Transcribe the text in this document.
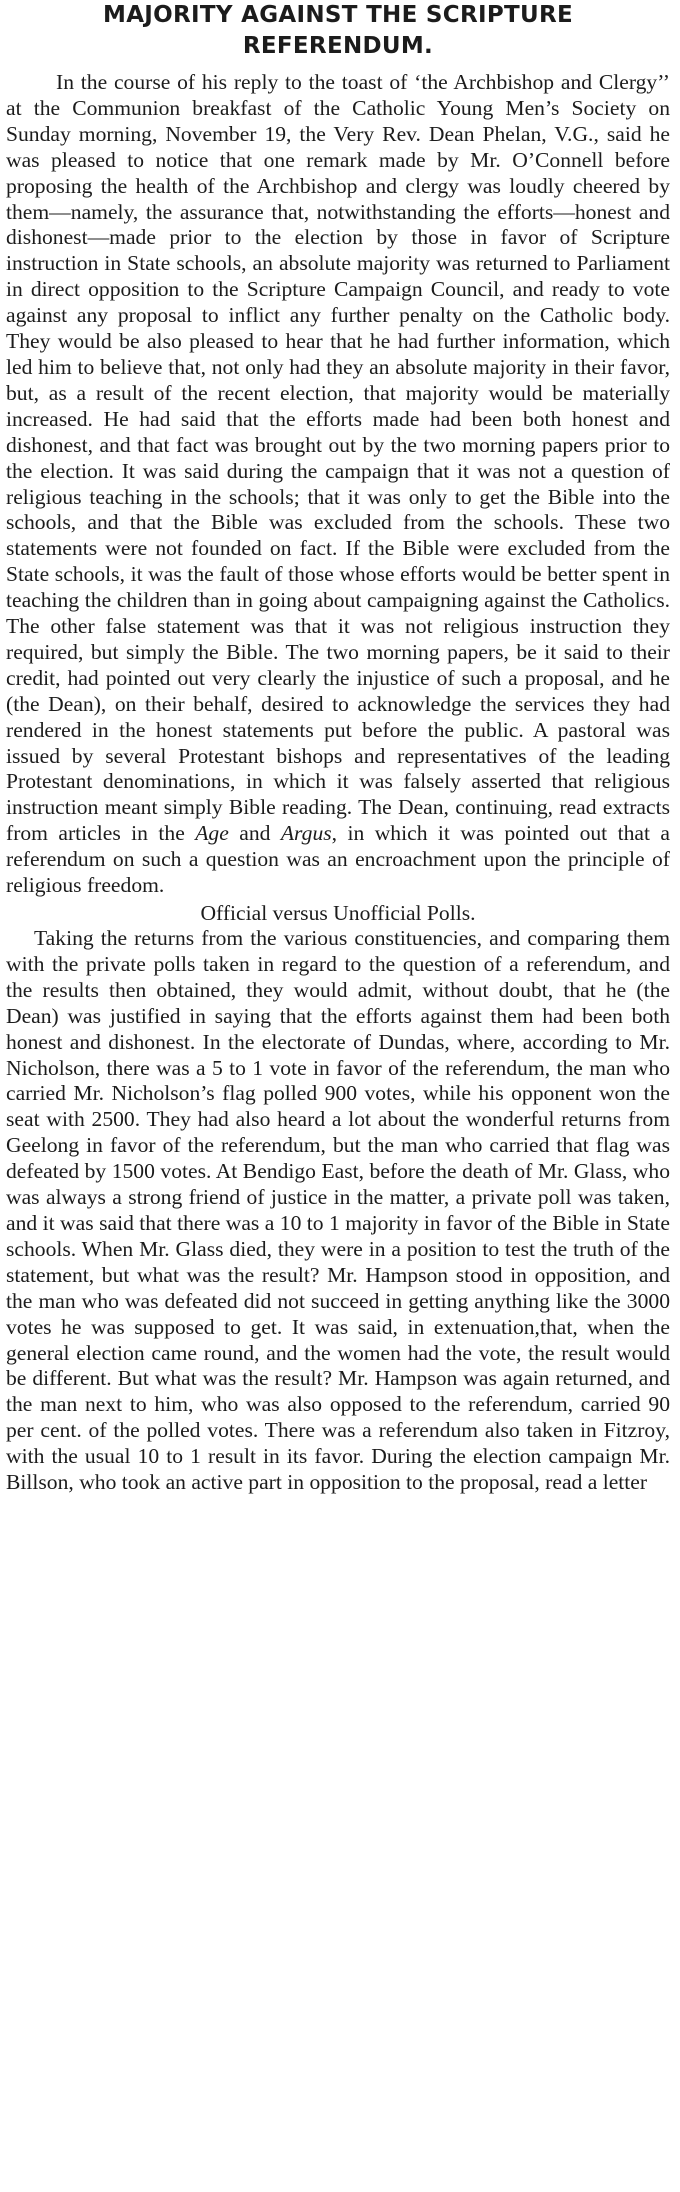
MAJORITY AGAINST THE SCRIPTURE
REFERENDUM.

In the course of his reply to the toast of ‘the Archbishop and Clergy’’ at the Communion breakfast of the Catholic Young Men’s Society on Sunday morning, November 19, the Very Rev. Dean Phelan, V.G., said he was pleased to notice that one remark made by Mr. O’Connell before proposing the health of the Archbishop and clergy was loudly cheered by them—namely, the assurance that, notwithstanding the efforts—honest and dishonest—made prior to the election by those in favor of Scripture instruction in State schools, an absolute majority was returned to Parliament in direct opposition to the Scripture Campaign Council, and ready to vote against any proposal to inflict any further penalty on the Catholic body. They would be also pleased to hear that he had further information, which led him to believe that, not only had they an absolute majority in their favor, but, as a result of the recent election, that majority would be materially increased. He had said that the efforts made had been both honest and dishonest, and that fact was brought out by the two morning papers prior to the election. It was said during the campaign that it was not a question of religious teaching in the schools; that it was only to get the Bible into the schools, and that the Bible was excluded from the schools. These two statements were not founded on fact. If the Bible were excluded from the State schools, it was the fault of those whose efforts would be better spent in teaching the children than in going about campaigning against the Catholics. The other false statement was that it was not religious instruction they required, but simply the Bible. The two morning papers, be it said to their credit, had pointed out very clearly the injustice of such a proposal, and he (the Dean), on their behalf, desired to acknowledge the services they had rendered in the honest statements put before the public. A pastoral was issued by several Protestant bishops and representatives of the leading Protestant denominations, in which it was falsely asserted that religious instruction meant simply Bible reading. The Dean, continuing, read extracts from articles in the Age and Argus, in which it was pointed out that a referendum on such a question was an encroachment upon the principle of religious freedom.

Official versus Unofficial Polls.

Taking the returns from the various constituencies, and comparing them with the private polls taken in regard to the question of a referendum, and the results then obtained, they would admit, without doubt, that he (the Dean) was justified in saying that the efforts against them had been both honest and dishonest. In the electorate of Dundas, where, according to Mr. Nicholson, there was a 5 to 1 vote in favor of the referendum, the man who carried Mr. Nicholson’s flag polled 900 votes, while his opponent won the seat with 2500. They had also heard a lot about the wonderful returns from Geelong in favor of the referendum, but the man who carried that flag was defeated by 1500 votes. At Bendigo East, before the death of Mr. Glass, who was always a strong friend of justice in the matter, a private poll was taken, and it was said that there was a 10 to 1 majority in favor of the Bible in State schools. When Mr. Glass died, they were in a position to test the truth of the statement, but what was the result? Mr. Hampson stood in opposition, and the man who was defeated did not succeed in getting anything like the 3000 votes he was supposed to get. It was said, in extenuation,that, when the general election came round, and the women had the vote, the result would be different. But what was the result? Mr. Hampson was again returned, and the man next to him, who was also opposed to the referendum, carried 90 per cent. of the polled votes. There was a referendum also taken in Fitzroy, with the usual 10 to 1 result in its favor. During the election campaign Mr. Billson, who took an active part in opposition to the proposal, read a letter
